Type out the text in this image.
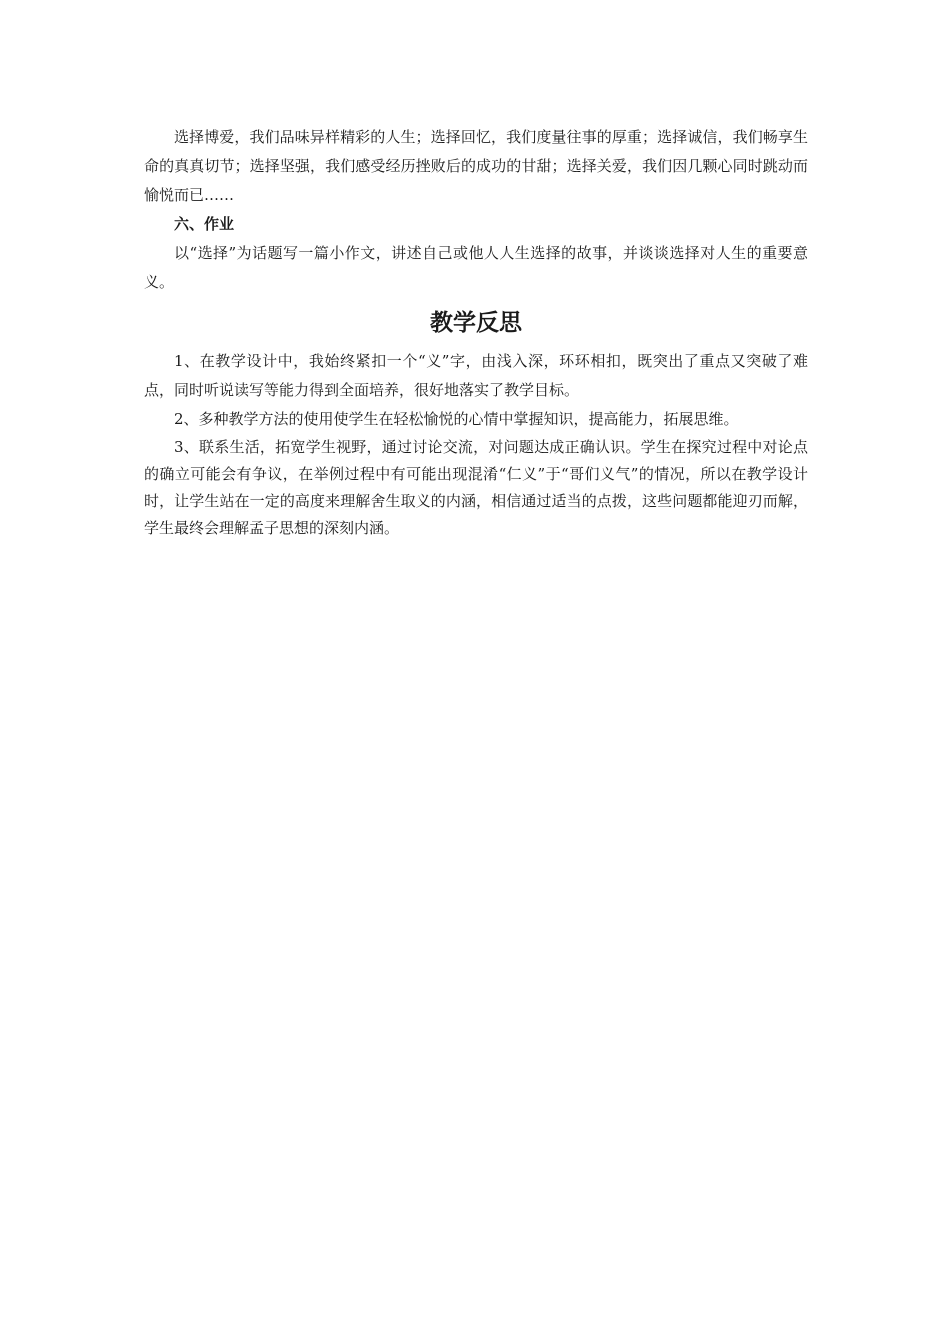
选择博爱，我们品味异样精彩的人生；选择回忆，我们度量往事的厚重；选择诚信，我们畅享生命的真真切节；选择坚强，我们感受经历挫败后的成功的甘甜；选择关爱，我们因几颗心同时跳动而愉悦而已……

六、作业

以“选择”为话题写一篇小作文，讲述自己或他人人生选择的故事，并谈谈选择对人生的重要意义。

教学反思

1、在教学设计中，我始终紧扣一个“义”字，由浅入深，环环相扣，既突出了重点又突破了难点，同时听说读写等能力得到全面培养，很好地落实了教学目标。

2、多种教学方法的使用使学生在轻松愉悦的心情中掌握知识，提高能力，拓展思维。

3、联系生活，拓宽学生视野，通过讨论交流，对问题达成正确认识。学生在探究过程中对论点的确立可能会有争议，在举例过程中有可能出现混淆“仁义”于“哥们义气”的情况，所以在教学设计时，让学生站在一定的高度来理解舍生取义的内涵，相信通过适当的点拨，这些问题都能迎刃而解，学生最终会理解孟子思想的深刻内涵。
